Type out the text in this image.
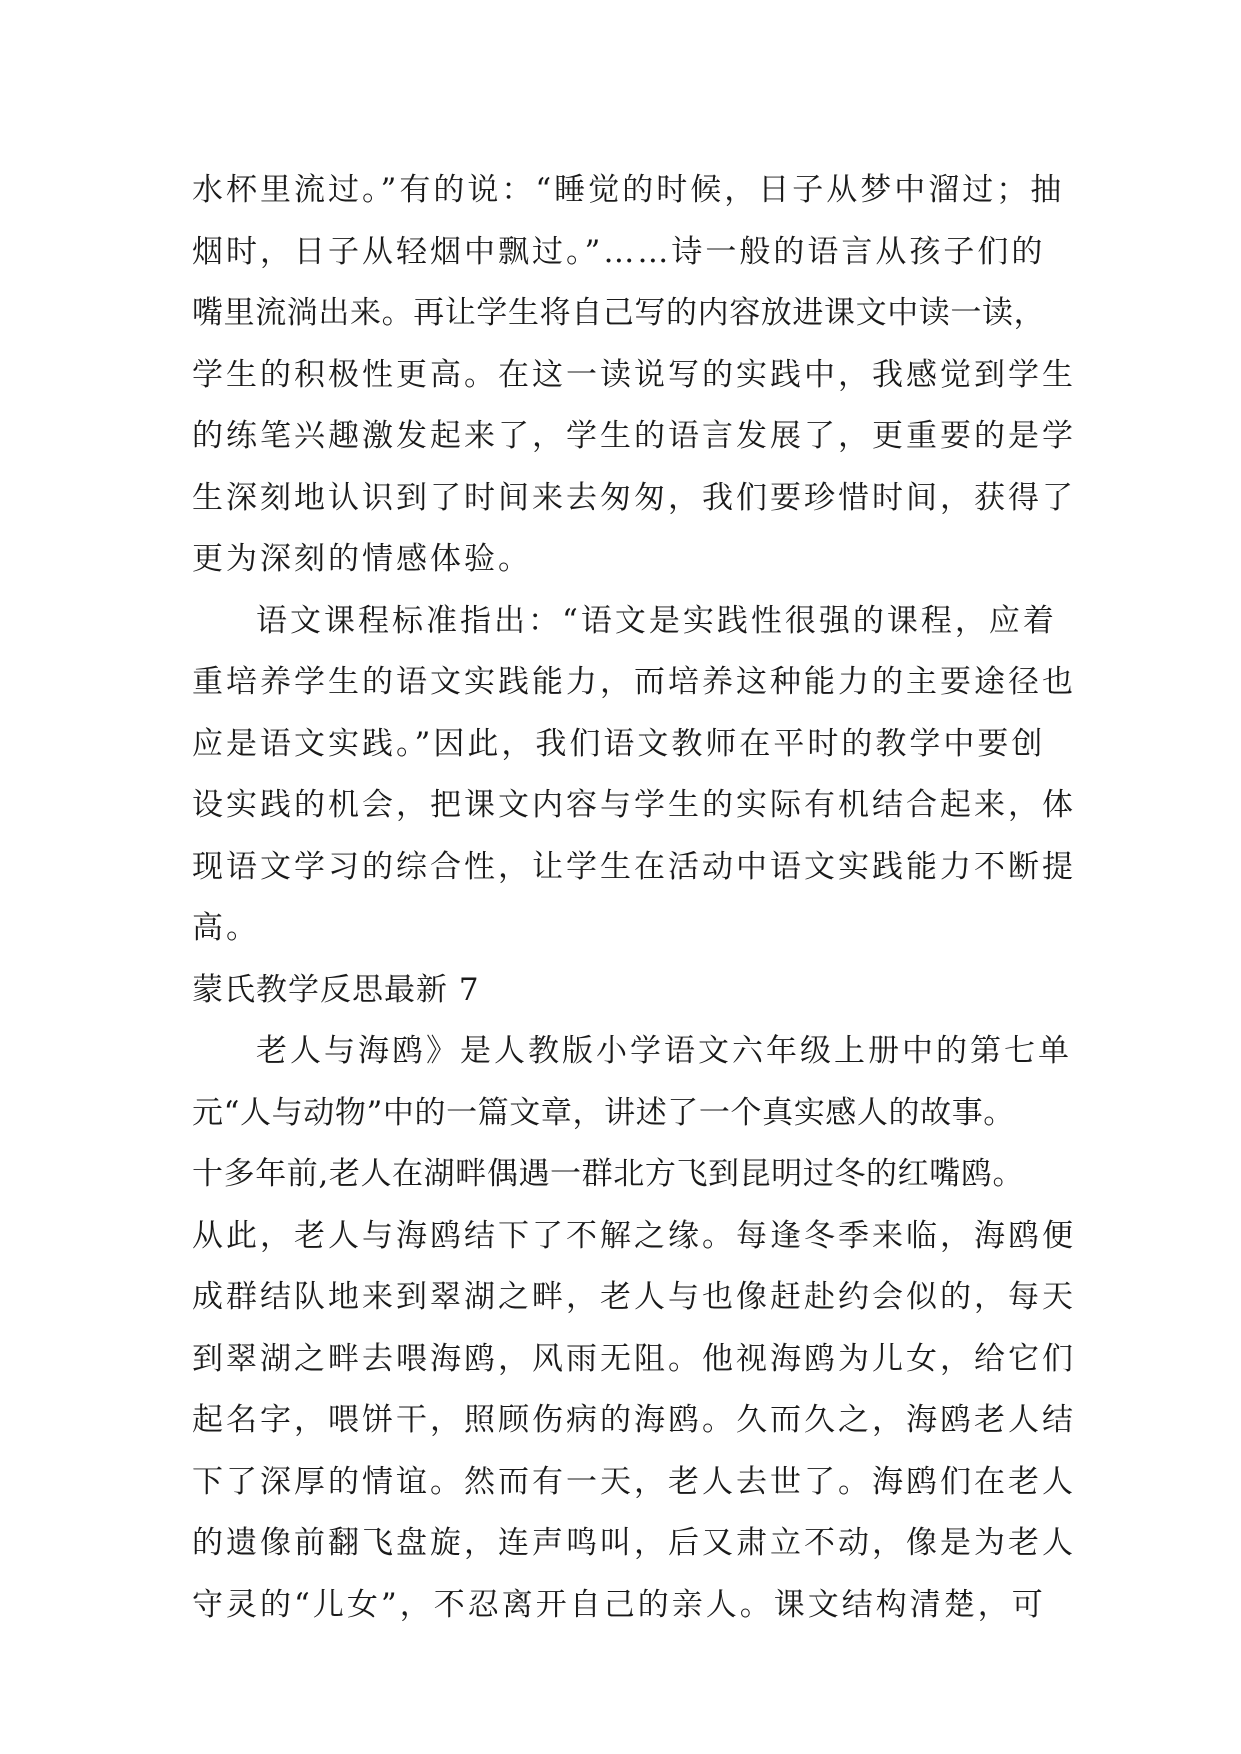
水杯里流过。”有的说：“睡觉的时候，日子从梦中溜过；抽
烟时，日子从轻烟中飘过。”……诗一般的语言从孩子们的
嘴里流淌出来。再让学生将自己写的内容放进课文中读一读，
学生的积极性更高。在这一读说写的实践中，我感觉到学生
的练笔兴趣激发起来了，学生的语言发展了，更重要的是学
生深刻地认识到了时间来去匆匆，我们要珍惜时间，获得了
更为深刻的情感体验。
语文课程标准指出：“语文是实践性很强的课程，应着
重培养学生的语文实践能力，而培养这种能力的主要途径也
应是语文实践。”因此，我们语文教师在平时的教学中要创
设实践的机会，把课文内容与学生的实际有机结合起来，体
现语文学习的综合性，让学生在活动中语文实践能力不断提
高。
蒙氏教学反思最新 7
老人与海鸥》是人教版小学语文六年级上册中的第七单
元“人与动物”中的一篇文章，讲述了一个真实感人的故事。
十多年前,老人在湖畔偶遇一群北方飞到昆明过冬的红嘴鸥。
从此，老人与海鸥结下了不解之缘。每逢冬季来临，海鸥便
成群结队地来到翠湖之畔，老人与也像赶赴约会似的，每天
到翠湖之畔去喂海鸥，风雨无阻。他视海鸥为儿女，给它们
起名字，喂饼干，照顾伤病的海鸥。久而久之，海鸥老人结
下了深厚的情谊。然而有一天，老人去世了。海鸥们在老人
的遗像前翻飞盘旋，连声鸣叫，后又肃立不动，像是为老人
守灵的“儿女”，不忍离开自己的亲人。课文结构清楚，可
